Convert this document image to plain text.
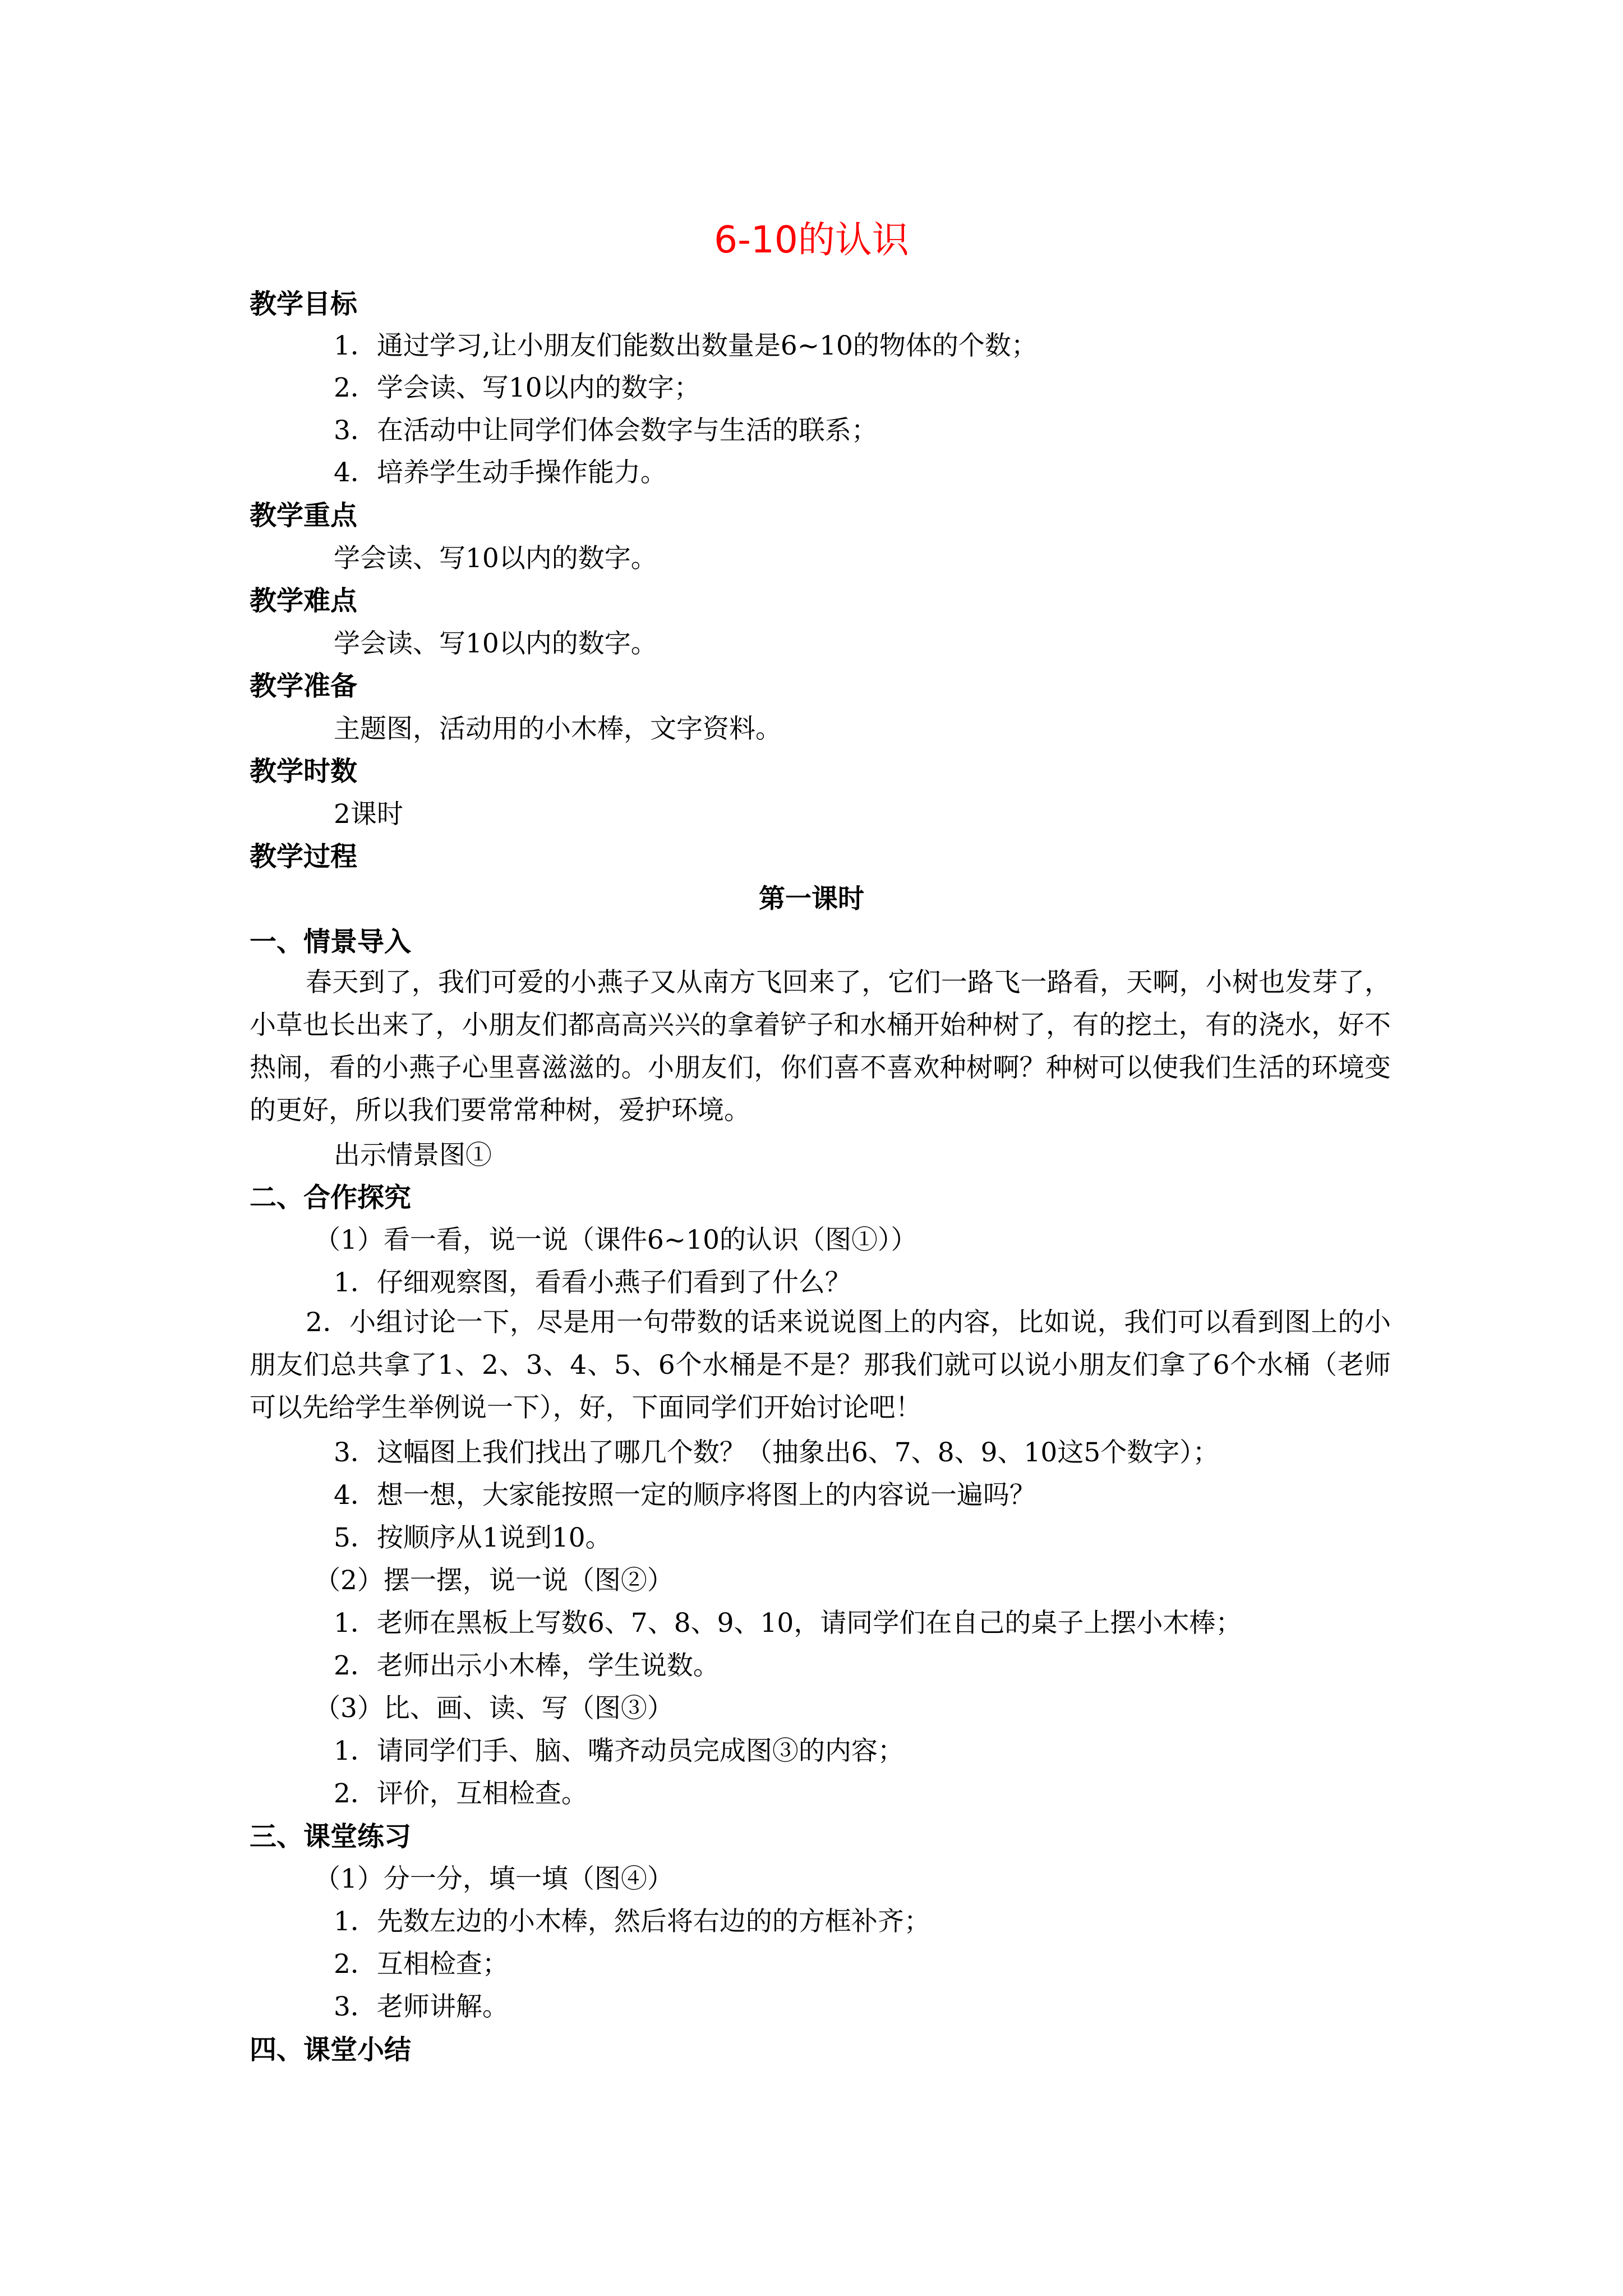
6-10的认识
教学目标
1．通过学习,让小朋友们能数出数量是6~10的物体的个数；
2．学会读、写10以内的数字；
3．在活动中让同学们体会数字与生活的联系；
4．培养学生动手操作能力。
教学重点
学会读、写10以内的数字。
教学难点
学会读、写10以内的数字。
教学准备
主题图，活动用的小木棒，文字资料。
教学时数
2课时
教学过程
第一课时
一、情景导入
春天到了，我们可爱的小燕子又从南方飞回来了，它们一路飞一路看，天啊，小树也发芽了，小草也长出来了，小朋友们都高高兴兴的拿着铲子和水桶开始种树了，有的挖土，有的浇水，好不热闹，看的小燕子心里喜滋滋的。小朋友们，你们喜不喜欢种树啊？种树可以使我们生活的环境变的更好，所以我们要常常种树，爱护环境。
出示情景图①
二、合作探究
（1）看一看，说一说（课件6~10的认识（图①））
1．仔细观察图，看看小燕子们看到了什么？
2．小组讨论一下，尽是用一句带数的话来说说图上的内容，比如说，我们可以看到图上的小朋友们总共拿了1、2、3、4、5、6个水桶是不是？那我们就可以说小朋友们拿了6个水桶（老师可以先给学生举例说一下），好，下面同学们开始讨论吧！
3．这幅图上我们找出了哪几个数？（抽象出6、7、8、9、10这5个数字）；
4．想一想，大家能按照一定的顺序将图上的内容说一遍吗？
5．按顺序从1说到10。
（2）摆一摆，说一说（图②）
1．老师在黑板上写数6、7、8、9、10，请同学们在自己的桌子上摆小木棒；
2．老师出示小木棒，学生说数。
（3）比、画、读、写（图③）
1．请同学们手、脑、嘴齐动员完成图③的内容；
2．评价，互相检查。
三、课堂练习
（1）分一分，填一填（图④）
1．先数左边的小木棒，然后将右边的的方框补齐；
2．互相检查；
3．老师讲解。
四、课堂小结
